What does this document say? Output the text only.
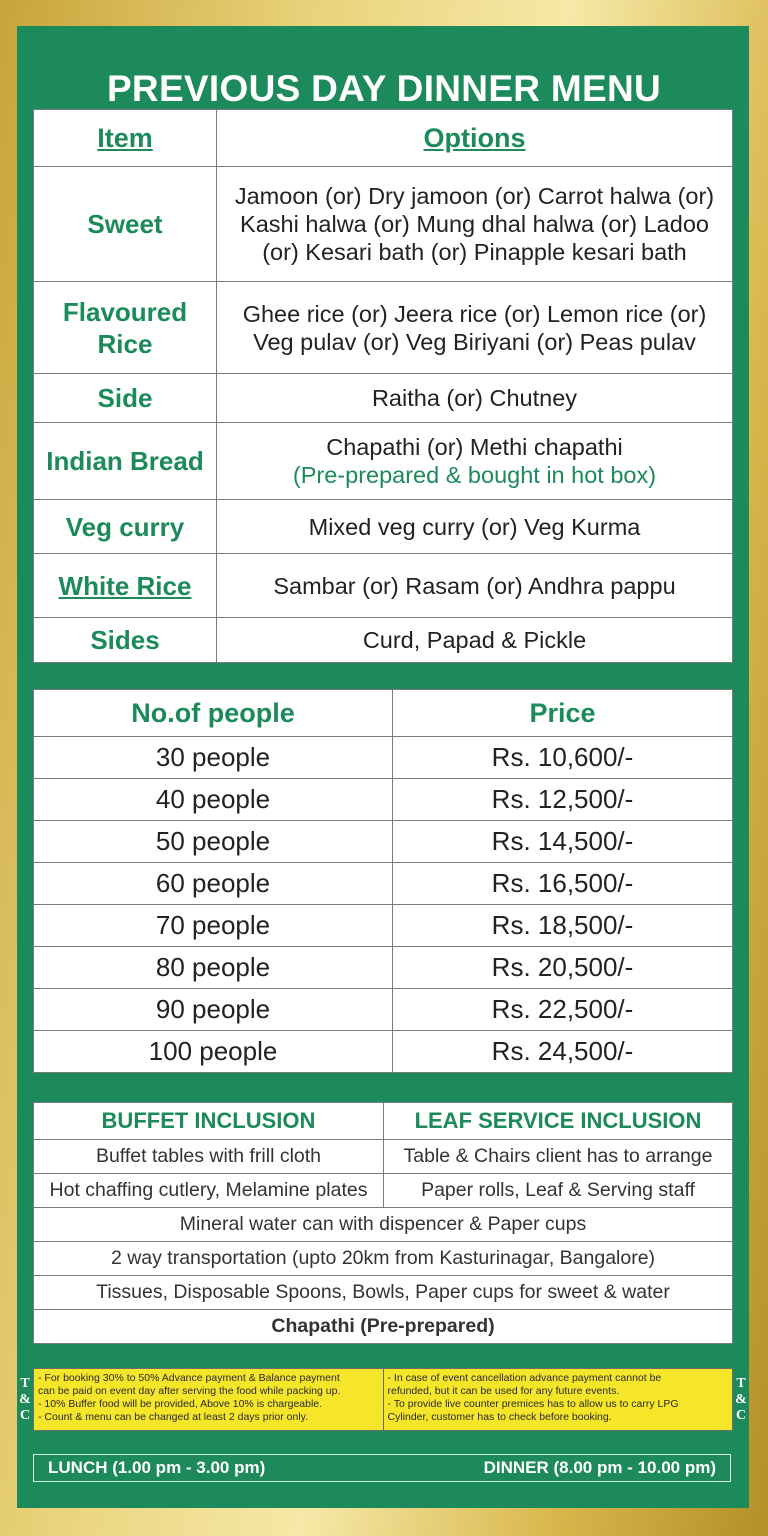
PREVIOUS DAY DINNER MENU
Item	Options
Sweet	Jamoon (or) Dry jamoon (or) Carrot halwa (or)
Kashi halwa (or) Mung dhal halwa (or) Ladoo
(or) Kesari bath (or) Pinapple kesari bath

Flavoured
Rice	Ghee rice (or) Jeera rice (or) Lemon rice (or)
Veg pulav (or) Veg Biriyani (or) Peas pulav

Side	Raitha (or) Chutney
Indian Bread	Chapathi (or) Methi chapathi
(Pre-prepared & bought in hot box)

Veg curry	Mixed veg curry (or) Veg Kurma
White Rice	Sambar (or) Rasam (or) Andhra pappu
Sides	Curd, Papad & Pickle
No.of people	Price
30 people	Rs. 10,600/-
40 people	Rs. 12,500/-
50 people	Rs. 14,500/-
60 people	Rs. 16,500/-
70 people	Rs. 18,500/-
80 people	Rs. 20,500/-
90 people	Rs. 22,500/-
100 people	Rs. 24,500/-
BUFFET INCLUSION	LEAF SERVICE INCLUSION
Buffet tables with frill cloth	Table & Chairs client has to arrange
Hot chaffing cutlery, Melamine plates	Paper rolls, Leaf & Serving staff
Mineral water can with dispencer & Paper cups	
2 way transportation (upto 20km from Kasturinagar, Bangalore)	
Tissues, Disposable Spoons, Bowls, Paper cups for sweet & water	
Chapathi (Pre-prepared)	
T
&
C
- For booking 30% to 50% Advance payment & Balance payment
can be paid on event day after serving the food while packing up.
- 10% Buffer food will be provided, Above 10% is chargeable.
- Count & menu can be changed at least 2 days prior only.
- In case of event cancellation advance payment cannot be
refunded, but it can be used for any future events.
- To provide live counter premices has to allow us to carry LPG
Cylinder, customer has to check before booking.
T
&
C
LUNCH (1.00 pm - 3.00 pm)	DINNER (8.00 pm - 10.00 pm)
